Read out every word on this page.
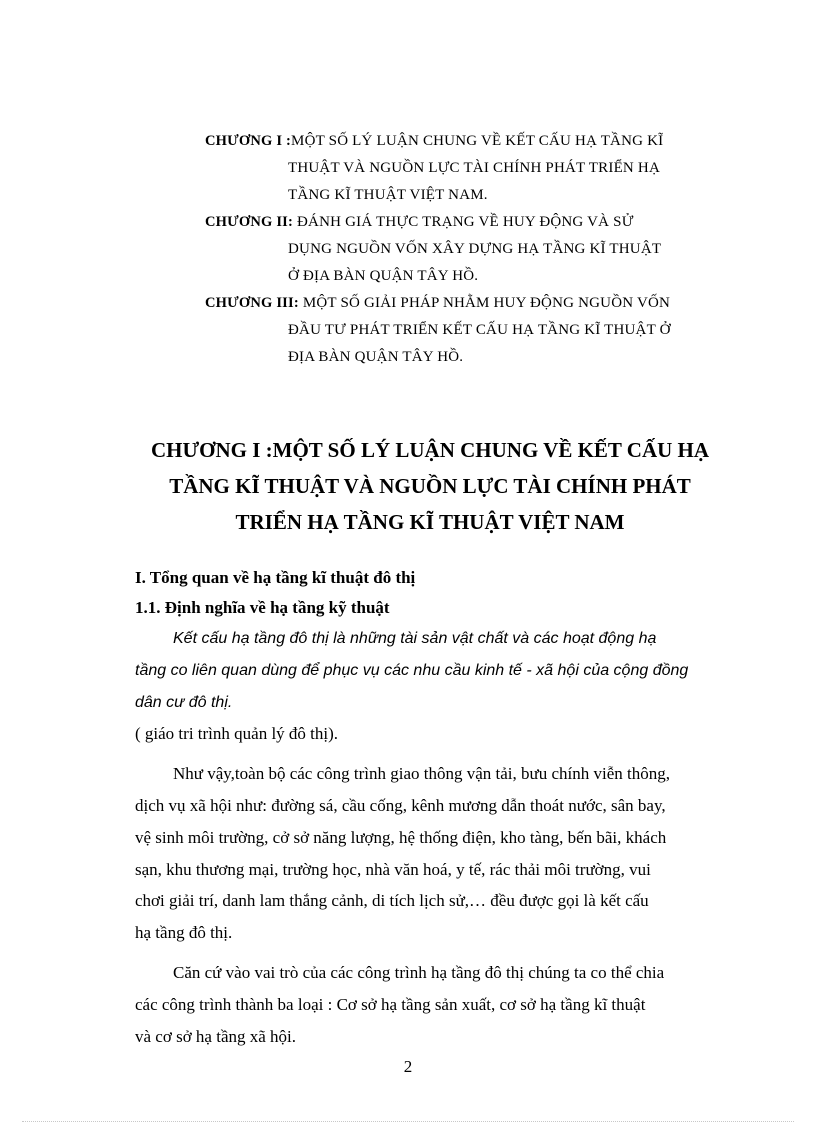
CHƯƠNG I :MỘT SỐ LÝ LUẬN CHUNG VỀ KẾT CẤU HẠ TẦNG KĨ
THUẬT VÀ NGUỒN LỰC TÀI CHÍNH PHÁT TRIỂN HẠ
TẦNG KĨ THUẬT VIỆT NAM.
CHƯƠNG II: ĐÁNH GIÁ THỰC TRẠNG VỀ HUY ĐỘNG VÀ SỬ
DỤNG NGUỒN VỐN XÂY DỰNG HẠ TẦNG KĨ THUẬT
Ở ĐỊA BÀN QUẬN TÂY HỒ.
CHƯƠNG III: MỘT SỐ GIẢI PHÁP NHẰM HUY ĐỘNG NGUỒN VỐN
ĐẦU TƯ PHÁT TRIỂN KẾT CẤU HẠ TẦNG KĨ THUẬT Ở
ĐỊA BÀN QUẬN TÂY HỒ.
CHƯƠNG I :MỘT SỐ LÝ LUẬN CHUNG VỀ KẾT CẤU HẠ
TẦNG KĨ THUẬT VÀ NGUỒN LỰC TÀI CHÍNH PHÁT
TRIỂN HẠ TẦNG KĨ THUẬT VIỆT NAM
I. Tổng quan về hạ tầng kĩ thuật đô thị
1.1. Định nghĩa về hạ tầng kỹ thuật

Kết cấu hạ tầng đô thị là những tài sản vật chất và các hoạt động hạ
tầng co liên quan dùng để phục vụ các nhu cầu kinh tế - xã hội của cộng đồng
dân cư đô thị.
( giáo tri trình quản lý đô thị).

Như vậy,toàn bộ các công trình giao thông vận tải, bưu chính viễn thông,
dịch vụ xã hội như: đường sá, cầu cống, kênh mương dẫn thoát nước, sân bay,
vệ sinh môi trường, cở sở năng lượng, hệ thống điện, kho tàng, bến bãi, khách
sạn, khu thương mại, trường học, nhà văn hoá, y tế, rác thải môi trường, vui
chơi giải trí, danh lam thắng cảnh, di tích lịch sử,… đều được gọi là kết cấu
hạ tầng đô thị.

Căn cứ vào vai trò của các công trình hạ tầng đô thị chúng ta co thể chia
các công trình thành ba loại : Cơ sở hạ tầng sản xuất, cơ sở hạ tầng kĩ thuật
và cơ sở hạ tầng xã hội.

2
